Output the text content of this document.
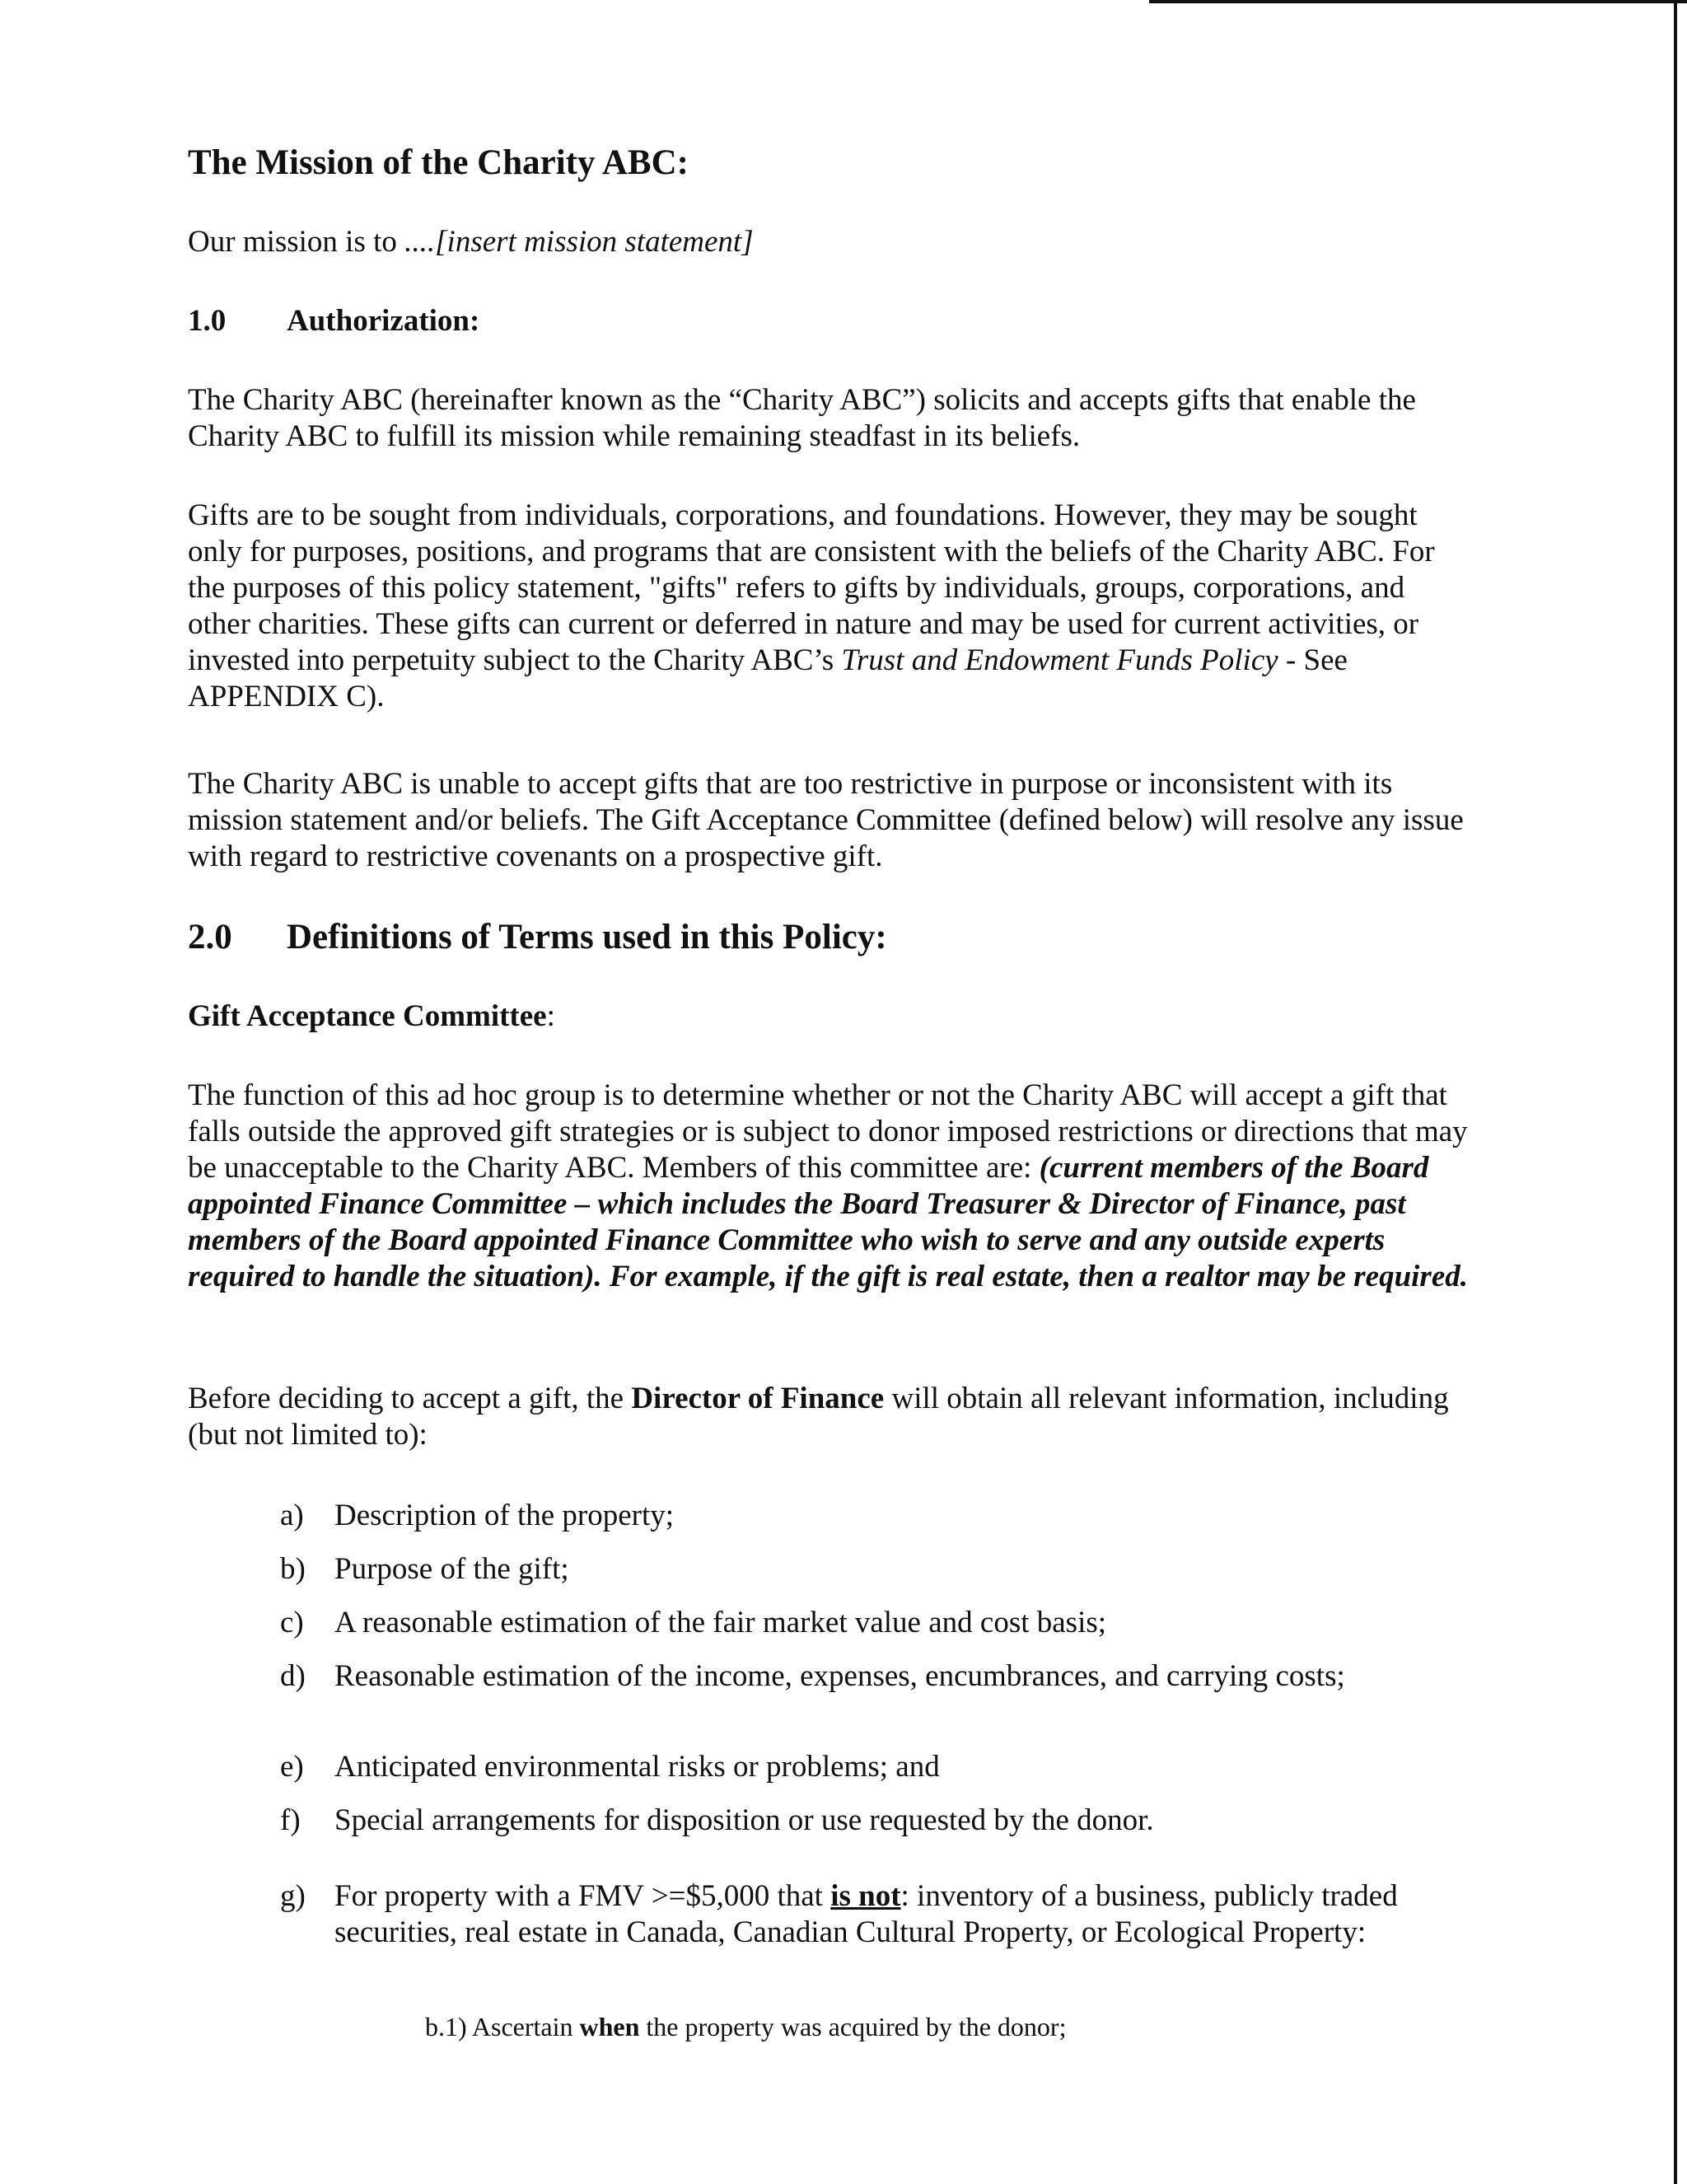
The Mission of the Charity ABC:

Our mission is to ....[insert mission statement]

1.0 Authorization:

The Charity ABC (hereinafter known as the “Charity ABC”) solicits and accepts gifts that enable the Charity ABC to fulfill its mission while remaining steadfast in its beliefs.

Gifts are to be sought from individuals, corporations, and foundations. However, they may be sought only for purposes, positions, and programs that are consistent with the beliefs of the Charity ABC. For the purposes of this policy statement, "gifts" refers to gifts by individuals, groups, corporations, and other charities. These gifts can current or deferred in nature and may be used for current activities, or invested into perpetuity subject to the Charity ABC’s Trust and Endowment Funds Policy - See APPENDIX C).

The Charity ABC is unable to accept gifts that are too restrictive in purpose or inconsistent with its mission statement and/or beliefs. The Gift Acceptance Committee (defined below) will resolve any issue with regard to restrictive covenants on a prospective gift.

2.0 Definitions of Terms used in this Policy:

Gift Acceptance Committee:

The function of this ad hoc group is to determine whether or not the Charity ABC will accept a gift that falls outside the approved gift strategies or is subject to donor imposed restrictions or directions that may be unacceptable to the Charity ABC. Members of this committee are: (current members of the Board appointed Finance Committee – which includes the Board Treasurer & Director of Finance, past members of the Board appointed Finance Committee who wish to serve and any outside experts required to handle the situation). For example, if the gift is real estate, then a realtor may be required.

Before deciding to accept a gift, the Director of Finance will obtain all relevant information, including (but not limited to):

a)	Description of the property;
b) Purpose of the gift;
c)	A reasonable estimation of the fair market value and cost basis;
d) Reasonable estimation of the income, expenses, encumbrances, and carrying costs;
e)	Anticipated environmental risks or problems; and
f)	Special arrangements for disposition or use requested by the donor.
g) For property with a FMV >=$5,000 that is not: inventory of a business, publicly traded securities, real estate in Canada, Canadian Cultural Property, or Ecological Property:
b.1) Ascertain when the property was acquired by the donor;
